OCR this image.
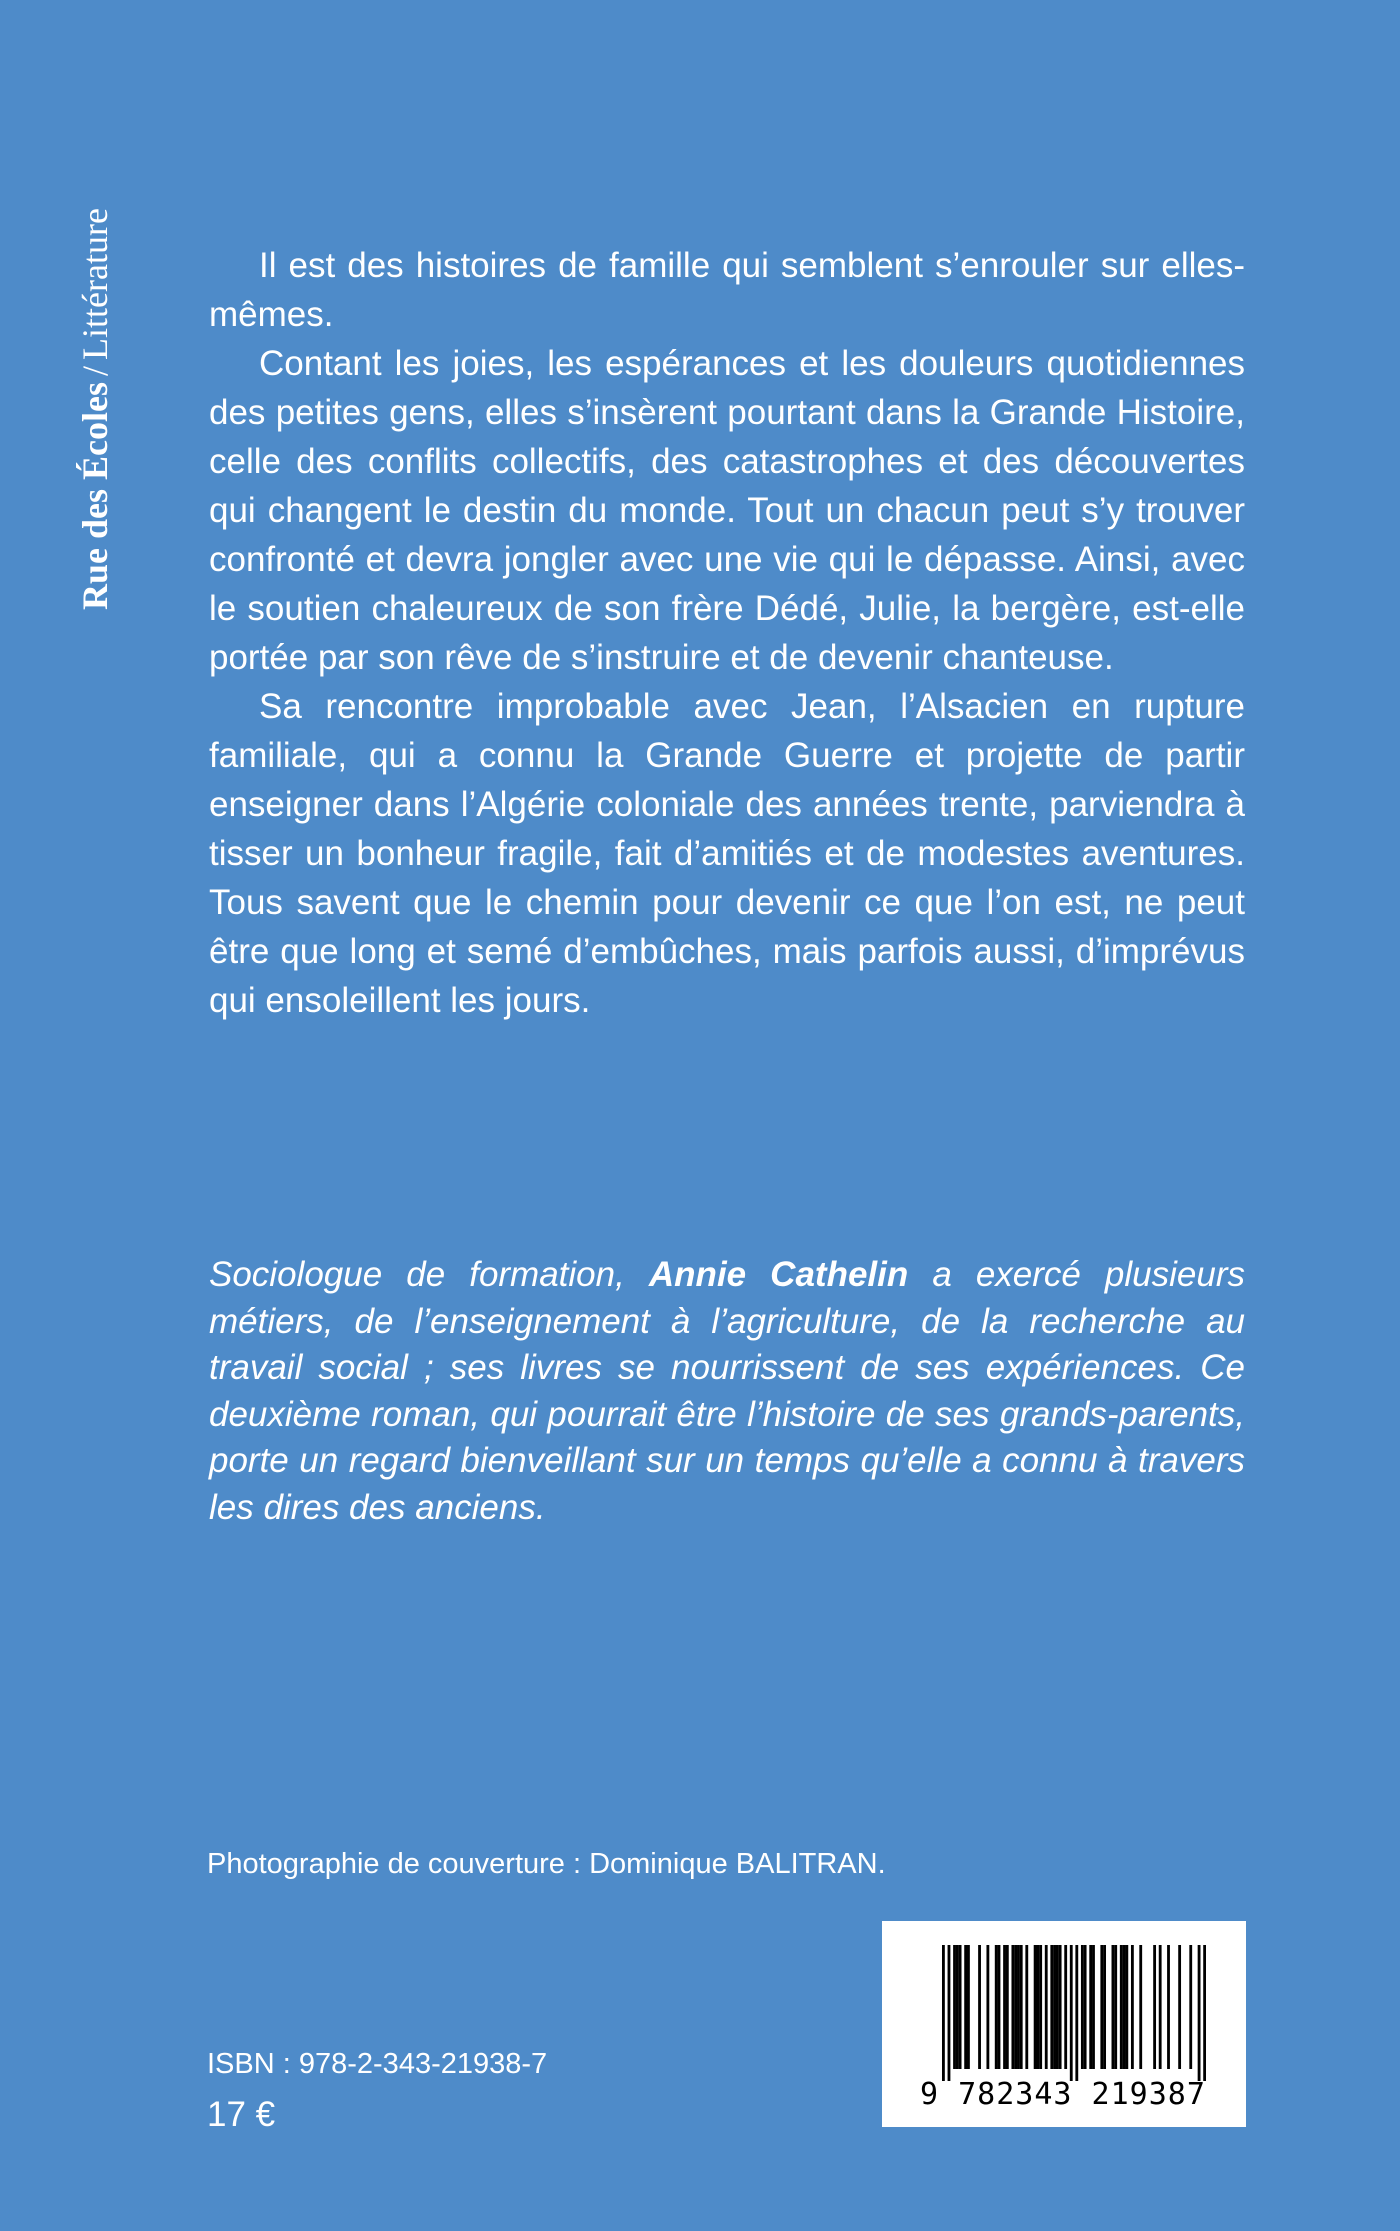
Rue des Écoles/Littérature	Il est des histoires de famille qui semblent s’enrouler sur elles-mêmes.

Contant les joies, les espérances et les douleurs quotidiennes des petites gens, elles s’insèrent pourtant dans la Grande Histoire, celle des conflits collectifs, des catastrophes et des découvertes qui changent le destin du monde. Tout un chacun peut s’y trouver confronté et devra jongler avec une vie qui le dépasse. Ainsi, avec le soutien chaleureux de son frère Dédé, Julie, la bergère, est-elle portée par son rêve de s’instruire et de devenir chanteuse.

Sa rencontre improbable avec Jean, l’Alsacien en rupture familiale, qui a connu la Grande Guerre et projette de partir enseigner dans l’Algérie coloniale des années trente, parviendra à tisser un bonheur fragile, fait d’amitiés et de modestes aventures. Tous savent que le chemin pour devenir ce que l’on est, ne peut être que long et semé d’embûches, mais parfois aussi, d’imprévus qui ensoleillent les jours.

Sociologue de formation, Annie Cathelin a exercé plusieurs métiers, de l’enseignement à l’agriculture, de la recherche au travail social ; ses livres se nourrissent de ses expériences. Ce deuxième roman, qui pourrait être l’histoire de ses grands-parents, porte un regard bienveillant sur un temps qu’elle a connu à travers les dires des anciens.

Photographie de couverture : Dominique BALITRAN.
ISBN : 978-2-343-21938-7
17 €
9 782343 219387
